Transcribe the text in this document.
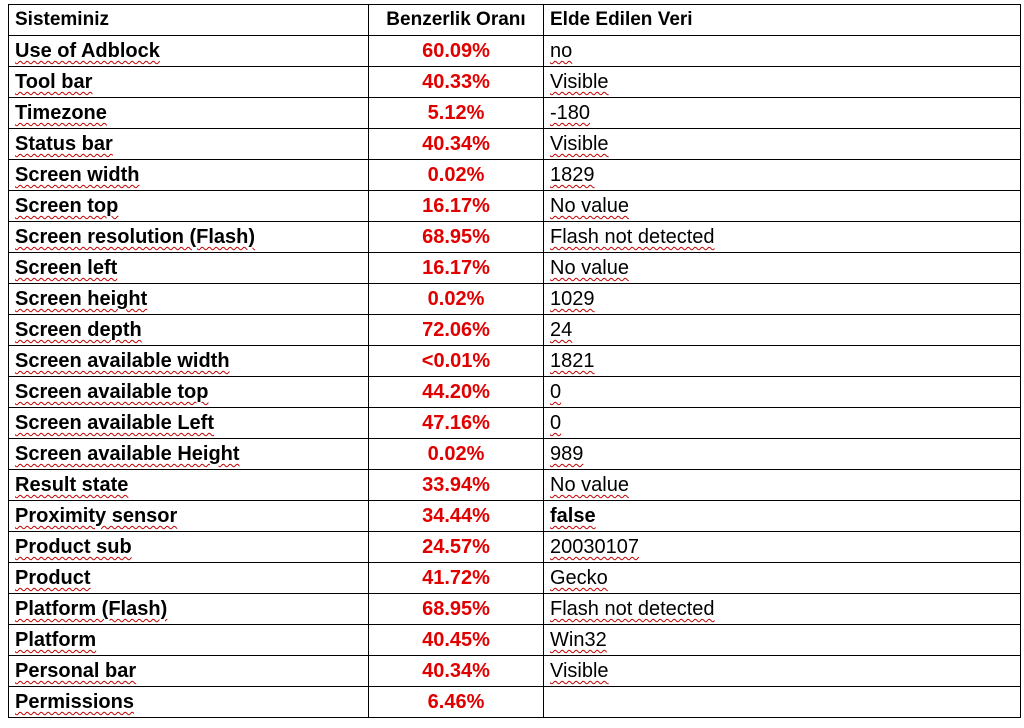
Sisteminiz	Benzerlik Oranı	Elde Edilen Veri
Use of Adblock	60.09%	no
Tool bar	40.33%	Visible
Timezone	5.12%	-180
Status bar	40.34%	Visible
Screen width	0.02%	1829
Screen top	16.17%	No value
Screen resolution (Flash)	68.95%	Flash not detected
Screen left	16.17%	No value
Screen height	0.02%	1029
Screen depth	72.06%	24
Screen available width	<0.01%	1821
Screen available top	44.20%	0
Screen available Left	47.16%	0
Screen available Height	0.02%	989
Result state	33.94%	No value
Proximity sensor	34.44%	false
Product sub	24.57%	20030107
Product	41.72%	Gecko
Platform (Flash)	68.95%	Flash not detected
Platform	40.45%	Win32
Personal bar	40.34%	Visible
Permissions	6.46%	
